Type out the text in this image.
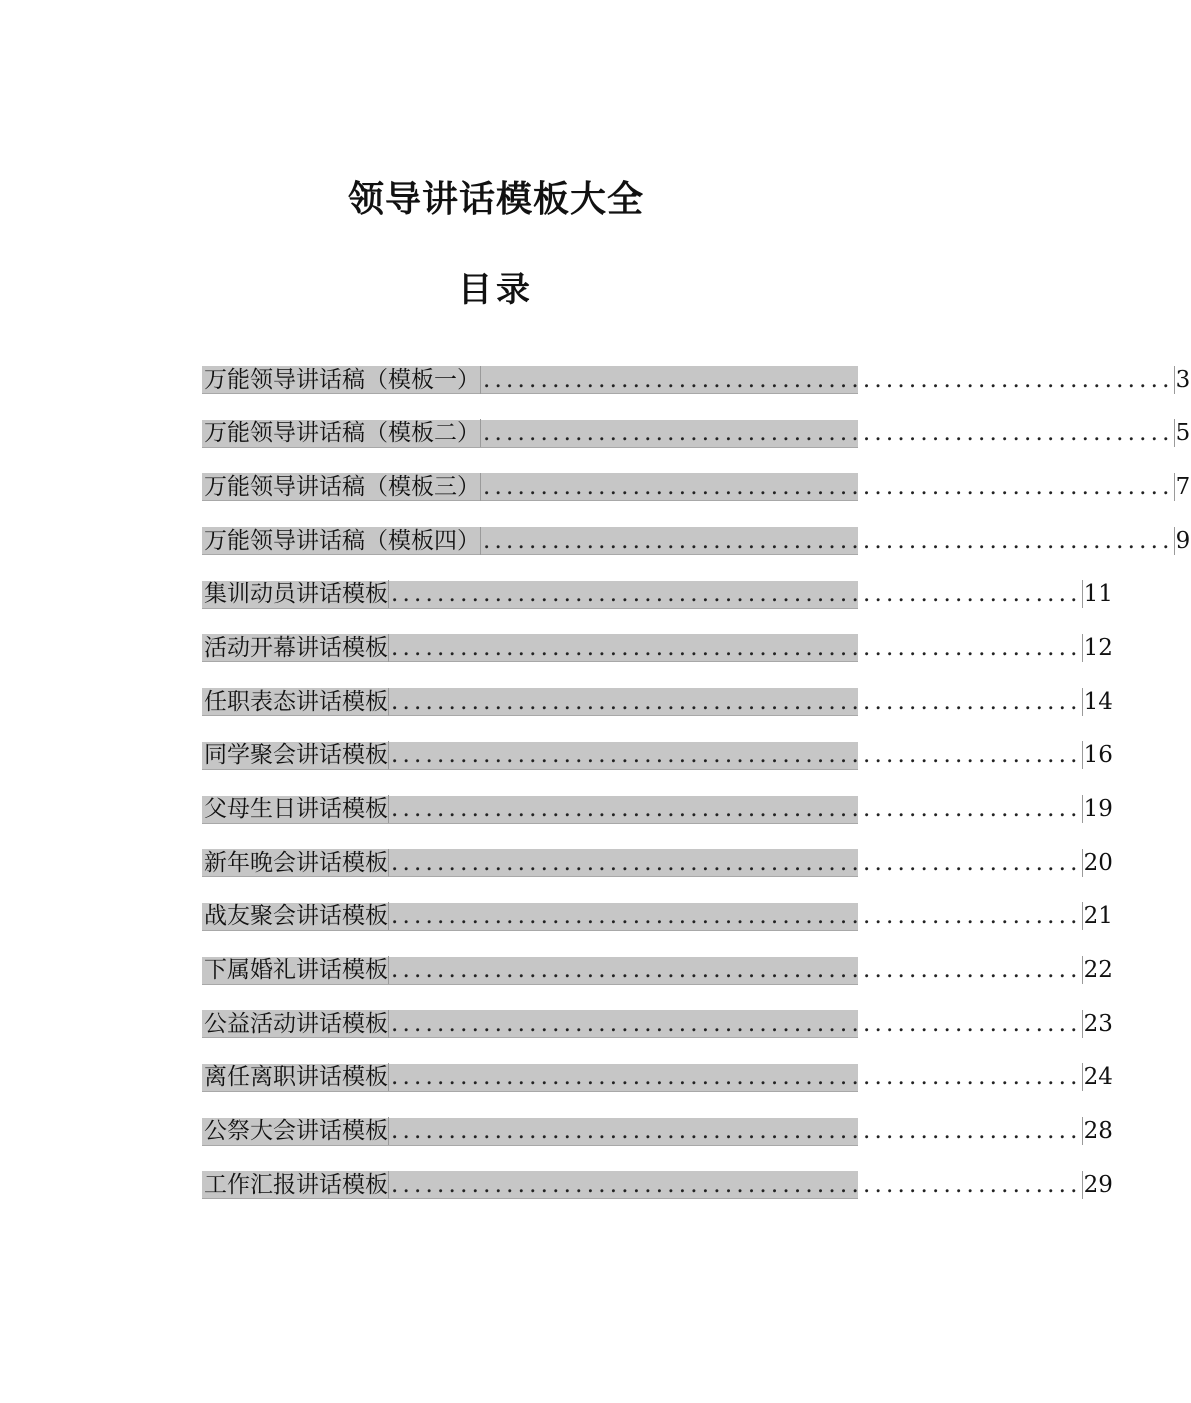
领导讲话模板大全
目录
万能领导讲话稿（模板一） ............................................................ 3
万能领导讲话稿（模板二） ............................................................ 5
万能领导讲话稿（模板三） ............................................................ 7
万能领导讲话稿（模板四） ............................................................ 9
集训动员讲话模板 ............................................................ 11
活动开幕讲话模板 ............................................................ 12
任职表态讲话模板 ............................................................ 14
同学聚会讲话模板 ............................................................ 16
父母生日讲话模板 ............................................................ 19
新年晚会讲话模板 ............................................................ 20
战友聚会讲话模板 ............................................................ 21
下属婚礼讲话模板 ............................................................ 22
公益活动讲话模板 ............................................................ 23
离任离职讲话模板 ............................................................ 24
公祭大会讲话模板 ............................................................ 28
工作汇报讲话模板 ............................................................ 29
